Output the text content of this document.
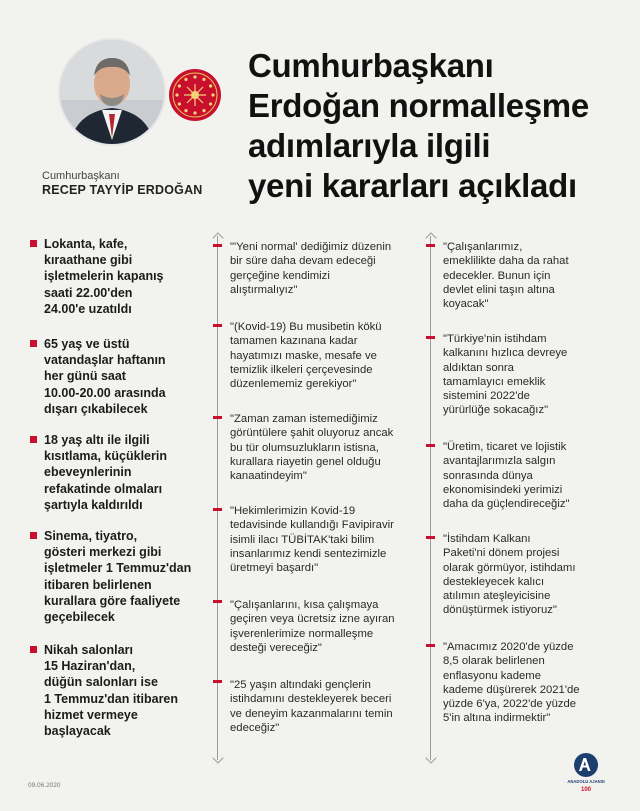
Cumhurbaşkanı
RECEP TAYYİP ERDOĞAN
Cumhurbaşkanı
Erdoğan normalleşme
adımlarıyla ilgili
yeni kararları açıkladı
Lokanta, kafe,
kıraathane gibi
işletmelerin kapanış
saati 22.00'den
24.00'e uzatıldı
65 yaş ve üstü
vatandaşlar haftanın
her günü saat
10.00-20.00 arasında
dışarı çıkabilecek
18 yaş altı ile ilgili
kısıtlama, küçüklerin
ebeveynlerinin
refakatinde olmaları
şartıyla kaldırıldı
Sinema, tiyatro,
gösteri merkezi gibi
işletmeler 1 Temmuz'dan
itibaren belirlenen
kurallara göre faaliyete
geçebilecek
Nikah salonları
15 Haziran'dan,
düğün salonları ise
1 Temmuz'dan itibaren
hizmet vermeye
başlayacak
"'Yeni normal' dediğimiz düzenin
bir süre daha devam edeceği
gerçeğine kendimizi
alıştırmalıyız"
"(Kovid-19) Bu musibetin kökü
tamamen kazınana kadar
hayatımızı maske, mesafe ve
temizlik ilkeleri çerçevesinde
düzenlememiz gerekiyor"
"Zaman zaman istemediğimiz
görüntülere şahit oluyoruz ancak
bu tür olumsuzlukların istisna,
kurallara riayetin genel olduğu
kanaatindeyim"
"Hekimlerimizin Kovid-19
tedavisinde kullandığı Favipiravir
isimli ilacı TÜBİTAK'taki bilim
insanlarımız kendi sentezimizle
üretmeyi başardı"
"Çalışanlarını, kısa çalışmaya
geçiren veya ücretsiz izne ayıran
işverenlerimize normalleşme
desteği vereceğiz"
"25 yaşın altındaki gençlerin
istihdamını destekleyerek beceri
ve deneyim kazanmalarını temin
edeceğiz"
"Çalışanlarımız,
emeklilikte daha da rahat
edecekler. Bunun için
devlet elini taşın altına
koyacak"
"Türkiye'nin istihdam
kalkanını hızlıca devreye
aldıktan sonra
tamamlayıcı emeklik
sistemini 2022'de
yürürlüğe sokacağız"
"Üretim, ticaret ve lojistik
avantajlarımızla salgın
sonrasında dünya
ekonomisindeki yerimizi
daha da güçlendireceğiz"
"İstihdam Kalkanı
Paketi'ni dönem projesi
olarak görmüyor, istihdamı
destekleyecek kalıcı
atılımın ateşleyicisine
dönüştürmek istiyoruz"
"Amacımız 2020'de yüzde
8,5 olarak belirlenen
enflasyonu kademe
kademe düşürerek 2021'de
yüzde 6'ya, 2022'de yüzde
5'in altına indirmektir"
09.06.2020
ANADOLU AJANSI
100
